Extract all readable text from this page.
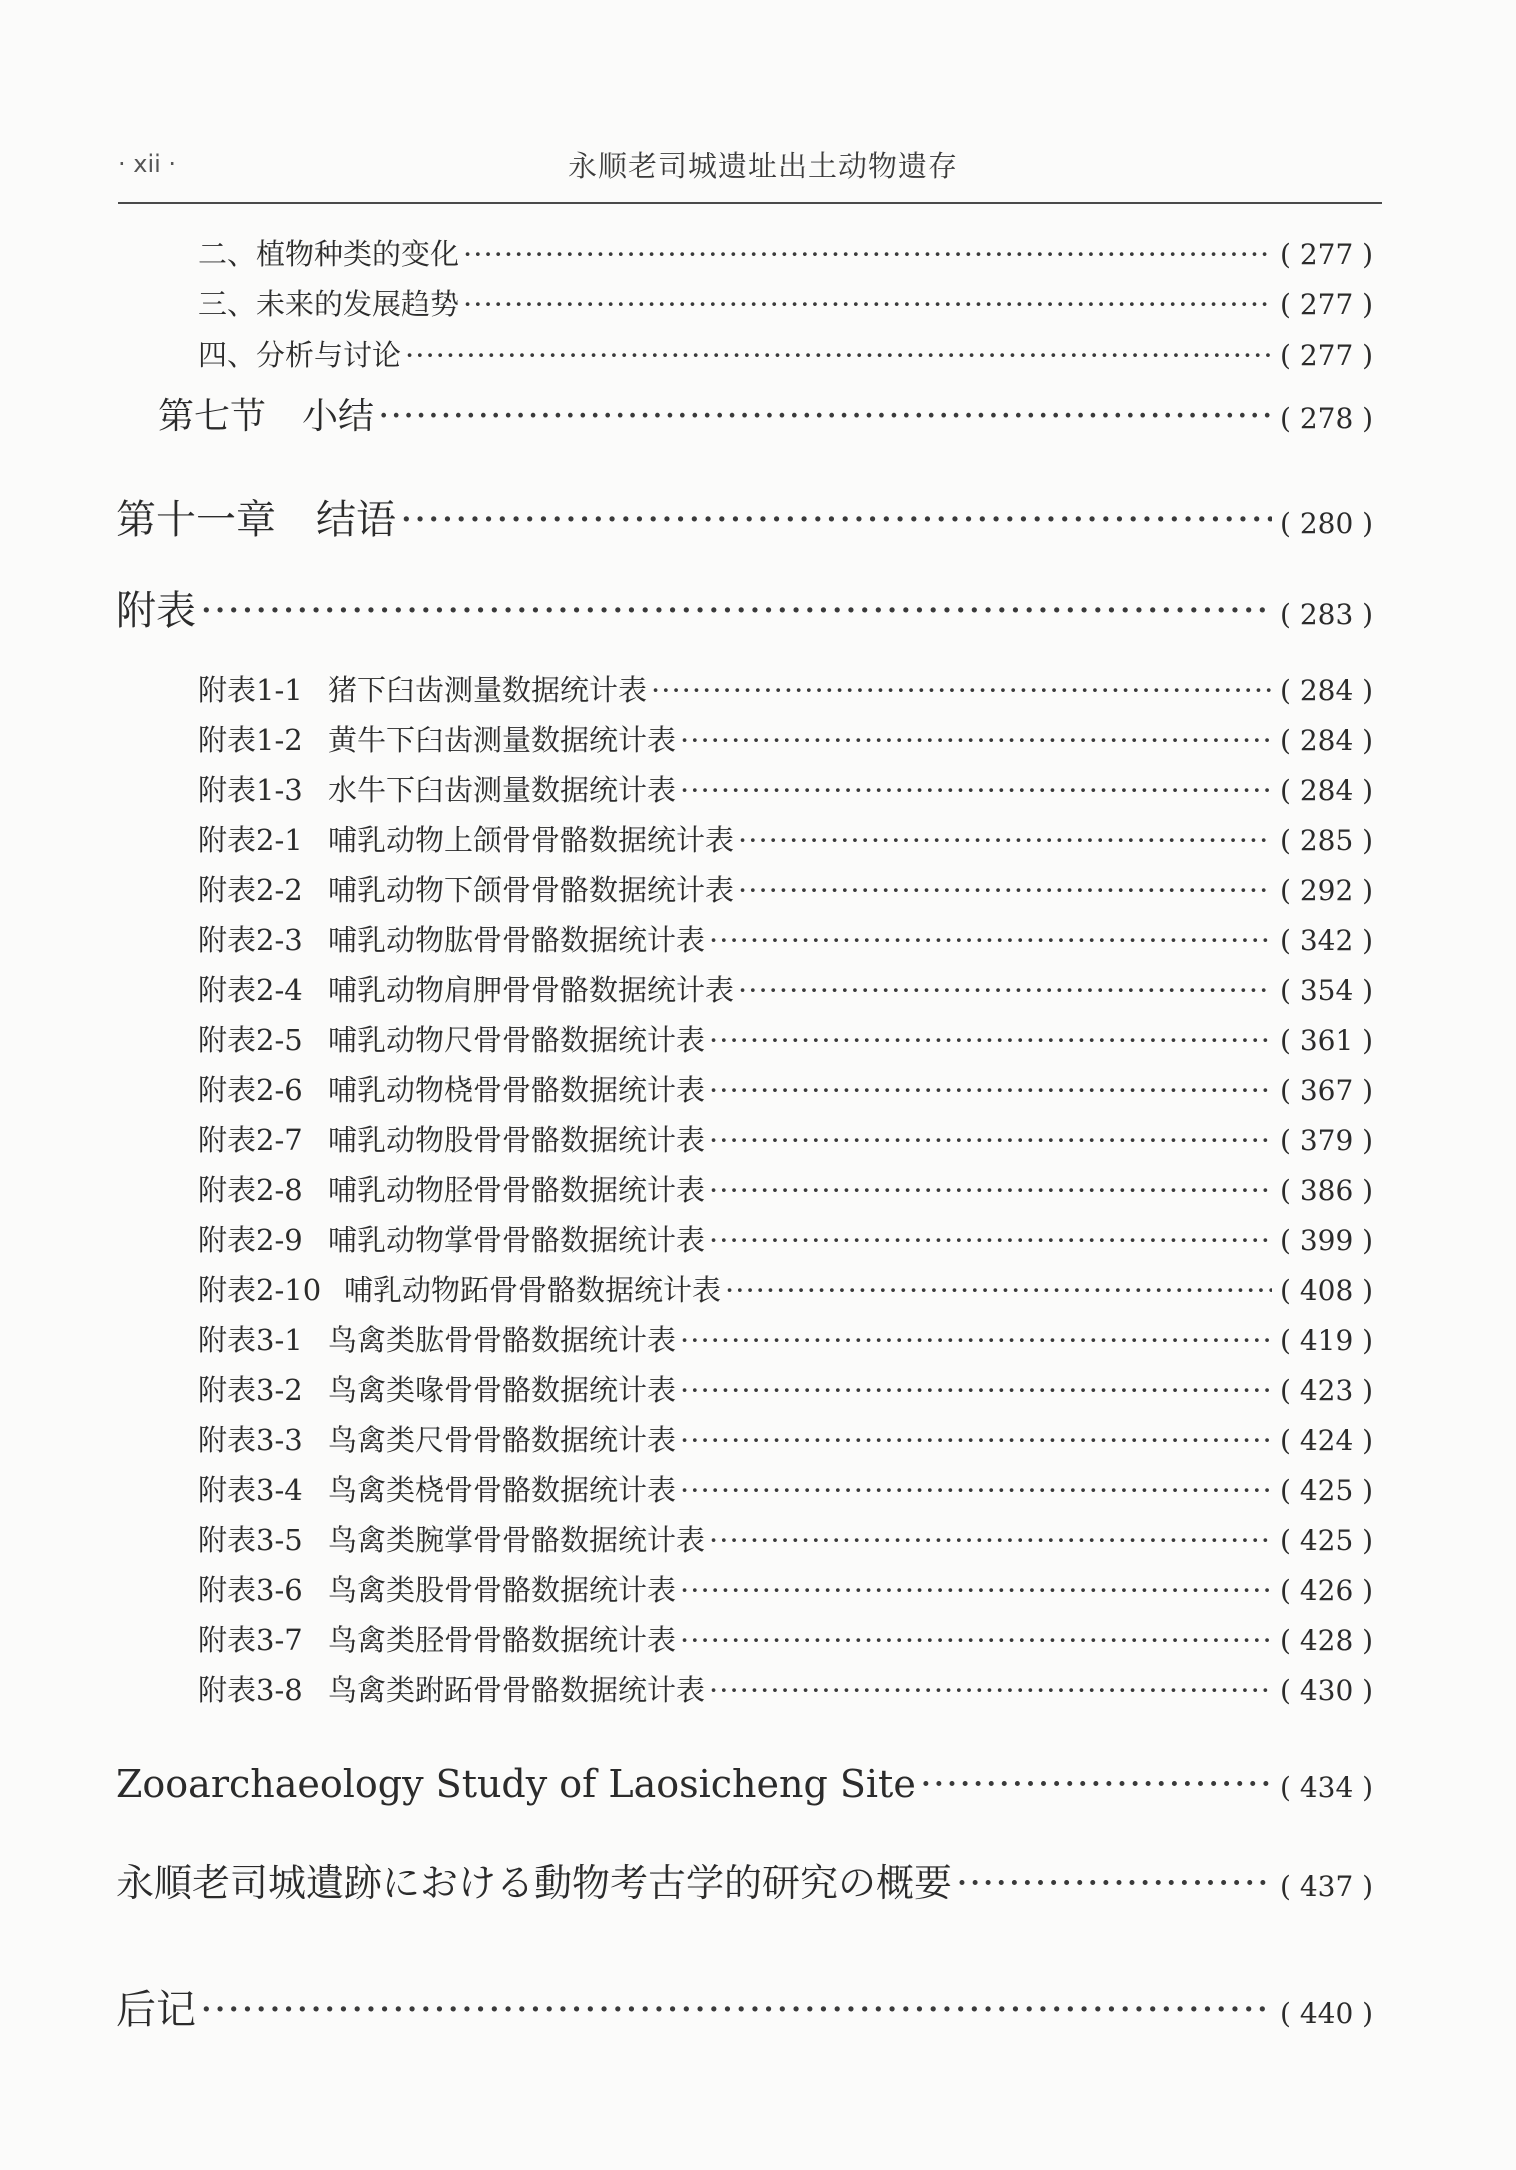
· xii ·	永顺老司城遗址出土动物遗存
二、植物种类的变化 ·····	( 277 )
三、未来的发展趋势 ·····	( 277 )
四、分析与讨论 ·····	( 277 )
第七节　小结 ·····	( 278 )
第十一章　结语 ·····	( 280 )
附表 ·····	( 283 )
附表1-1 猪下臼齿测量数据统计表 ·····	( 284 )
附表1-2 黄牛下臼齿测量数据统计表 ·····	( 284 )
附表1-3 水牛下臼齿测量数据统计表 ·····	( 284 )
附表2-1 哺乳动物上颌骨骨骼数据统计表 ·····	( 285 )
附表2-2 哺乳动物下颌骨骨骼数据统计表 ·····	( 292 )
附表2-3 哺乳动物肱骨骨骼数据统计表 ·····	( 342 )
附表2-4 哺乳动物肩胛骨骨骼数据统计表 ·····	( 354 )
附表2-5 哺乳动物尺骨骨骼数据统计表 ·····	( 361 )
附表2-6 哺乳动物桡骨骨骼数据统计表 ·····	( 367 )
附表2-7 哺乳动物股骨骨骼数据统计表 ·····	( 379 )
附表2-8 哺乳动物胫骨骨骼数据统计表 ·····	( 386 )
附表2-9 哺乳动物掌骨骨骼数据统计表 ·····	( 399 )
附表2-10 哺乳动物跖骨骨骼数据统计表 ·····	( 408 )
附表3-1 鸟禽类肱骨骨骼数据统计表 ·····	( 419 )
附表3-2 鸟禽类喙骨骨骼数据统计表 ·····	( 423 )
附表3-3 鸟禽类尺骨骨骼数据统计表 ·····	( 424 )
附表3-4 鸟禽类桡骨骨骼数据统计表 ·····	( 425 )
附表3-5 鸟禽类腕掌骨骨骼数据统计表 ·····	( 425 )
附表3-6 鸟禽类股骨骨骼数据统计表 ·····	( 426 )
附表3-7 鸟禽类胫骨骨骼数据统计表 ·····	( 428 )
附表3-8 鸟禽类跗跖骨骨骼数据统计表 ·····	( 430 )
Zooarchaeology Study of Laosicheng Site ·····	( 434 )
永順老司城遺跡における動物考古学的研究の概要 ·····	( 437 )
后记 ·····	( 440 )
